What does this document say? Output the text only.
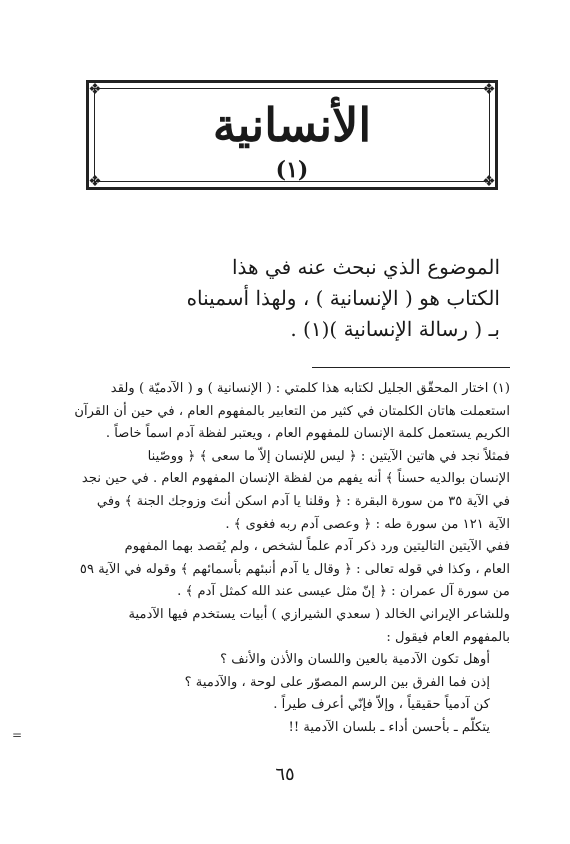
❖	❖
❖	❖
الأنسانية
(١)

الموضوع الذي نبحث عنه في هذا

الكتاب هو ( الإنسانية ) ، ولهذا أسميناه

بـ ( رسالة الإنسانية )(١) .

(١) اختار المحقّق الجليل لكتابه هذا كلمتي : ( الإنسانية ) و ( الآدميّة ) ولقد

استعملت هاتان الكلمتان في كثير من التعابير بالمفهوم العام ، في حين أن القرآن

الكريم يستعمل كلمة الإنسان للمفهوم العام ، ويعتبر لفظة آدم اسماً خاصاً .

فمثلاً نجد في هاتين الآيتين : ﴿ ليس للإنسان إلاّ ما سعى ﴾ ﴿ ووصّينا

الإنسان بوالديه حسناً ﴾ أنه يفهم من لفظة الإنسان المفهوم العام . في حين نجد

في الآية ٣٥ من سورة البقرة : ﴿ وقلنا يا آدم اسكن أنتَ وزوجك الجنة ﴾ وفي

الآية ١٢١ من سورة طه : ﴿ وعصى آدم ربه فغوى ﴾ .

ففي الآيتين التاليتين ورد ذكر آدم علماً لشخص ، ولم يُقصد بهما المفهوم

العام ، وكذا في قوله تعالى : ﴿ وقال يا آدم أنبئهم بأسمائهم ﴾ وقوله في الآية ٥٩

من سورة آل عمران : ﴿ إنّ مثل عيسى عند الله كمثل آدم ﴾ .

وللشاعر الإيراني الخالد ( سعدي الشيرازي ) أبيات يستخدم فيها الآدمية

بالمفهوم العام فيقول :

أوهل تكون الآدمية بالعين واللسان والأذن والأنف ؟

إذن فما الفرق بين الرسم المصوّر على لوحة ، والآدمية ؟

كن آدمياً حقيقياً ، وإلاّ فإنّي أعرف طيراً .

يتكلّم ـ بأحسن أداء ـ بلسان الآدمية !!

=
٦٥
